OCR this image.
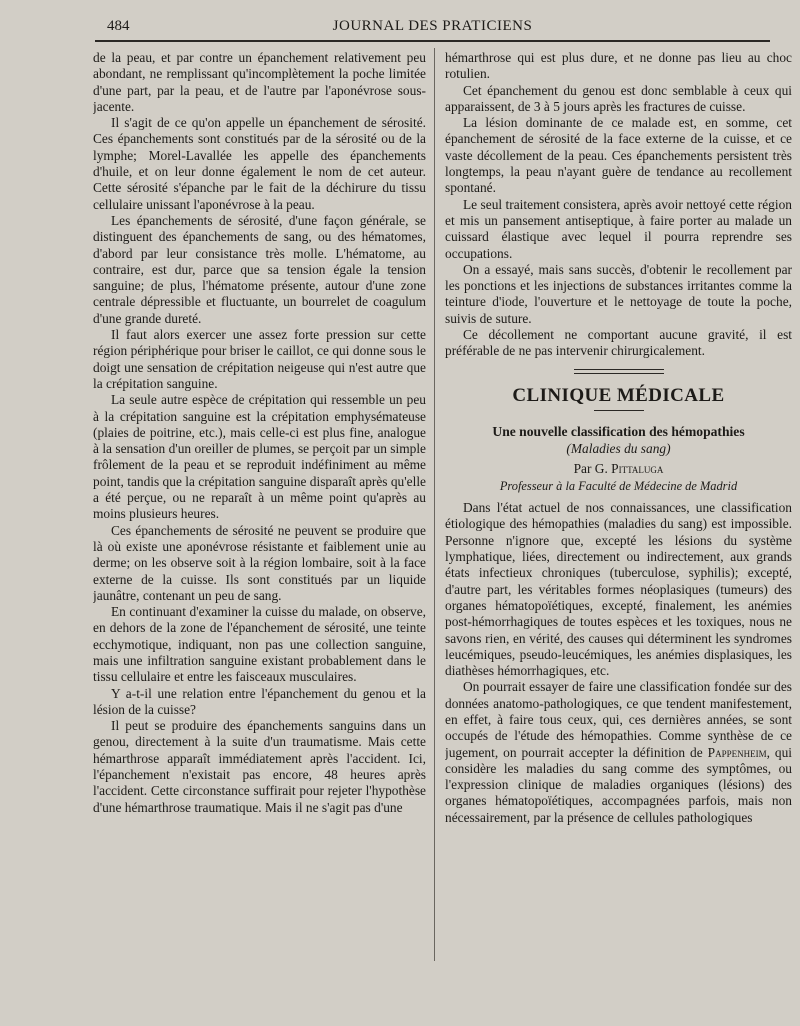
484	JOURNAL DES PRATICIENS

de la peau, et par contre un épanchement relativement peu abondant, ne remplissant qu'incomplètement la poche limitée d'une part, par la peau, et de l'autre par l'aponévrose sous-jacente.

Il s'agit de ce qu'on appelle un épanchement de sérosité. Ces épanchements sont constitués par de la sérosité ou de la lymphe; Morel-Lavallée les appelle des épanchements d'huile, et on leur donne également le nom de cet auteur. Cette sérosité s'épanche par le fait de la déchirure du tissu cellulaire unissant l'aponévrose à la peau.

Les épanchements de sérosité, d'une façon générale, se distinguent des épanchements de sang, ou des hématomes, d'abord par leur consistance très molle. L'hématome, au contraire, est dur, parce que sa tension égale la tension sanguine; de plus, l'hématome présente, autour d'une zone centrale dépressible et fluctuante, un bourrelet de coagulum d'une grande dureté.

Il faut alors exercer une assez forte pression sur cette région périphérique pour briser le caillot, ce qui donne sous le doigt une sensation de crépitation neigeuse qui n'est autre que la crépitation sanguine.

La seule autre espèce de crépitation qui ressemble un peu à la crépitation sanguine est la crépitation emphysémateuse (plaies de poitrine, etc.), mais celle-ci est plus fine, analogue à la sensation d'un oreiller de plumes, se perçoit par un simple frôlement de la peau et se reproduit indéfiniment au même point, tandis que la crépitation sanguine disparaît après qu'elle a été perçue, ou ne reparaît à un même point qu'après au moins plusieurs heures.

Ces épanchements de sérosité ne peuvent se produire que là où existe une aponévrose résistante et faiblement unie au derme; on les observe soit à la région lombaire, soit à la face externe de la cuisse. Ils sont constitués par un liquide jaunâtre, contenant un peu de sang.

En continuant d'examiner la cuisse du malade, on observe, en dehors de la zone de l'épanchement de sérosité, une teinte ecchymotique, indiquant, non pas une collection sanguine, mais une infiltration sanguine existant probablement dans le tissu cellulaire et entre les faisceaux musculaires.

Y a-t-il une relation entre l'épanchement du genou et la lésion de la cuisse?

Il peut se produire des épanchements sanguins dans un genou, directement à la suite d'un traumatisme. Mais cette hémarthrose apparaît immédiatement après l'accident. Ici, l'épanchement n'existait pas encore, 48 heures après l'accident. Cette circonstance suffirait pour rejeter l'hypothèse d'une hémarthrose traumatique. Mais il ne s'agit pas d'une

hémarthrose qui est plus dure, et ne donne pas lieu au choc rotulien.

Cet épanchement du genou est donc semblable à ceux qui apparaissent, de 3 à 5 jours après les fractures de cuisse.

La lésion dominante de ce malade est, en somme, cet épanchement de sérosité de la face externe de la cuisse, et ce vaste décollement de la peau. Ces épanchements persistent très longtemps, la peau n'ayant guère de tendance au recollement spontané.

Le seul traitement consistera, après avoir nettoyé cette région et mis un pansement antiseptique, à faire porter au malade un cuissard élastique avec lequel il pourra reprendre ses occupations.

On a essayé, mais sans succès, d'obtenir le recollement par les ponctions et les injections de substances irritantes comme la teinture d'iode, l'ouverture et le nettoyage de toute la poche, suivis de suture.

Ce décollement ne comportant aucune gravité, il est préférable de ne pas intervenir chirurgicalement.

CLINIQUE MÉDICALE
Une nouvelle classification des hémopathies
(Maladies du sang)
Par G. Pittaluga
Professeur à la Faculté de Médecine de Madrid

Dans l'état actuel de nos connaissances, une classification étiologique des hémopathies (maladies du sang) est impossible. Personne n'ignore que, excepté les lésions du système lymphatique, liées, directement ou indirectement, aux grands états infectieux chroniques (tuberculose, syphilis); excepté, d'autre part, les véritables formes néoplasiques (tumeurs) des organes hématopoïétiques, excepté, finalement, les anémies post-hémorrhagiques de toutes espèces et les toxiques, nous ne savons rien, en vérité, des causes qui déterminent les syndromes leucémiques, pseudo-leucémiques, les anémies displasiques, les diathèses hémorrhagiques, etc.

On pourrait essayer de faire une classification fondée sur des données anatomo-pathologiques, ce que tendent manifestement, en effet, à faire tous ceux, qui, ces dernières années, se sont occupés de l'étude des hémopathies. Comme synthèse de ce jugement, on pourrait accepter la définition de Pappenheim, qui considère les maladies du sang comme des symptômes, ou l'expression clinique de maladies organiques (lésions) des organes hématopoïétiques, accompagnées parfois, mais non nécessairement, par la présence de cellules pathologiques
